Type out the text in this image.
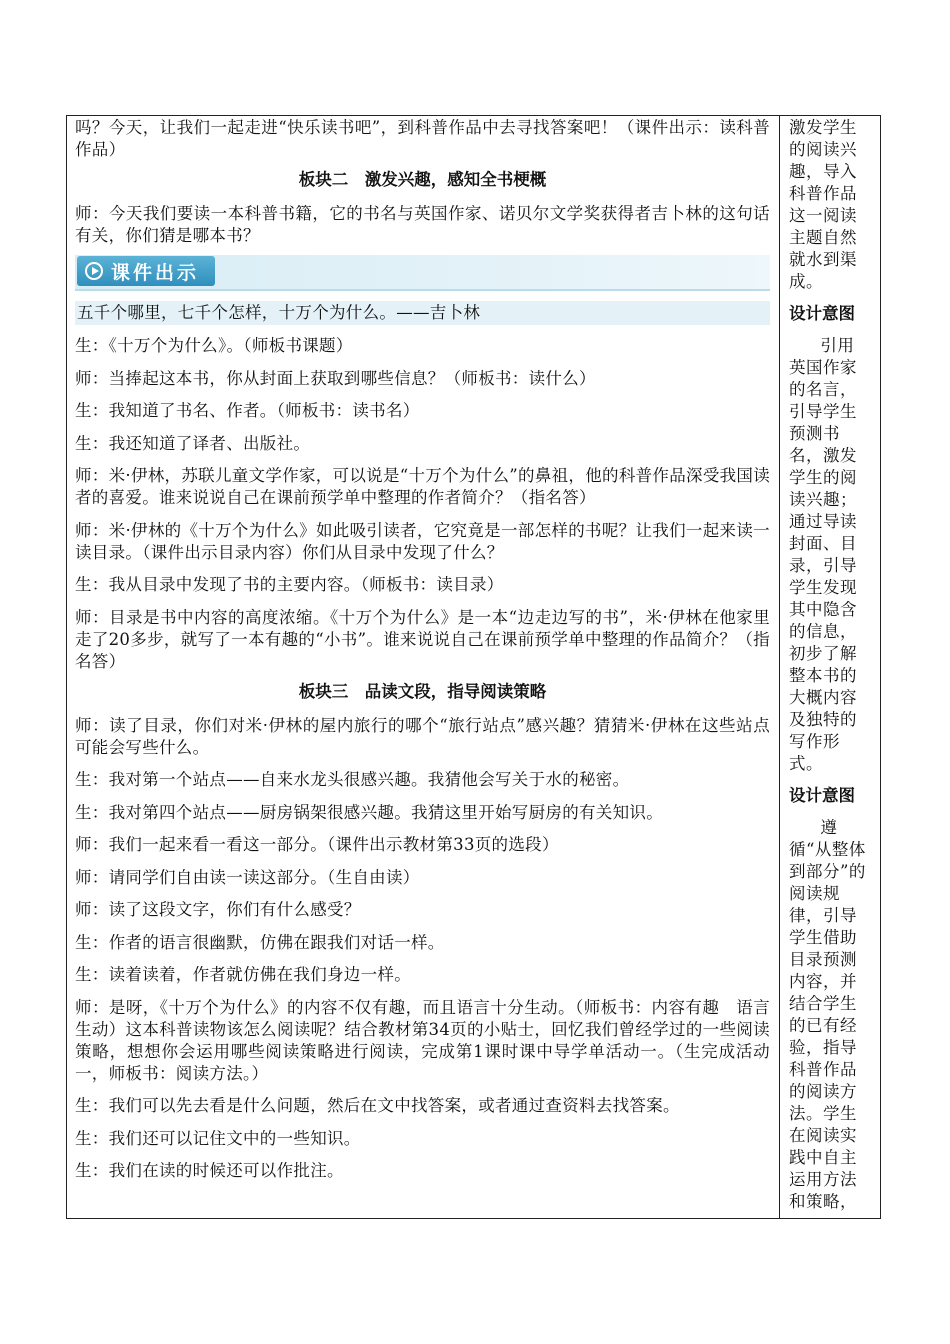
吗？今天，让我们一起走进“快乐读书吧”，到科普作品中去寻找答案吧！（课件出示：读科普作品）

板块二　激发兴趣，感知全书梗概

师：今天我们要读一本科普书籍，它的书名与英国作家、诺贝尔文学奖获得者吉卜林的这句话有关，你们猜是哪本书？

课件出示
五千个哪里，七千个怎样，十万个为什么。——吉卜林

生：《十万个为什么》。（师板书课题）

师：当捧起这本书，你从封面上获取到哪些信息？（师板书：读什么）

生：我知道了书名、作者。（师板书：读书名）

生：我还知道了译者、出版社。

师：米·伊林，苏联儿童文学作家，可以说是“十万个为什么”的鼻祖，他的科普作品深受我国读者的喜爱。谁来说说自己在课前预学单中整理的作者简介？（指名答）

师：米·伊林的《十万个为什么》如此吸引读者，它究竟是一部怎样的书呢？让我们一起来读一读目录。（课件出示目录内容）你们从目录中发现了什么？

生：我从目录中发现了书的主要内容。（师板书：读目录）

师：目录是书中内容的高度浓缩。《十万个为什么》是一本“边走边写的书”，米·伊林在他家里走了20多步，就写了一本有趣的“小书”。谁来说说自己在课前预学单中整理的作品简介？（指名答）

板块三　品读文段，指导阅读策略

师：读了目录，你们对米·伊林的屋内旅行的哪个“旅行站点”感兴趣？猜猜米·伊林在这些站点可能会写些什么。

生：我对第一个站点——自来水龙头很感兴趣。我猜他会写关于水的秘密。

生：我对第四个站点——厨房锅架很感兴趣。我猜这里开始写厨房的有关知识。

师：我们一起来看一看这一部分。（课件出示教材第33页的选段）

师：请同学们自由读一读这部分。（生自由读）

师：读了这段文字，你们有什么感受？

生：作者的语言很幽默，仿佛在跟我们对话一样。

生：读着读着，作者就仿佛在我们身边一样。

师：是呀，《十万个为什么》的内容不仅有趣，而且语言十分生动。（师板书：内容有趣　语言生动）这本科普读物该怎么阅读呢？结合教材第34页的小贴士，回忆我们曾经学过的一些阅读策略，想想你会运用哪些阅读策略进行阅读，完成第1课时课中导学单活动一。（生完成活动一，师板书：阅读方法。）

生：我们可以先去看是什么问题，然后在文中找答案，或者通过查资料去找答案。

生：我们还可以记住文中的一些知识。

生：我们在读的时候还可以作批注。

激发学生的阅读兴趣，导入科普作品这一阅读主题自然就水到渠成。

设计意图

引用英国作家的名言，引导学生预测书名，激发学生的阅读兴趣；通过导读封面、目录，引导学生发现其中隐含的信息，初步了解整本书的大概内容及独特的写作形式。

设计意图

遵循“从整体到部分”的阅读规律，引导学生借助目录预测内容，并结合学生的已有经验，指导科普作品的阅读方法。学生在阅读实践中自主运用方法和策略，
